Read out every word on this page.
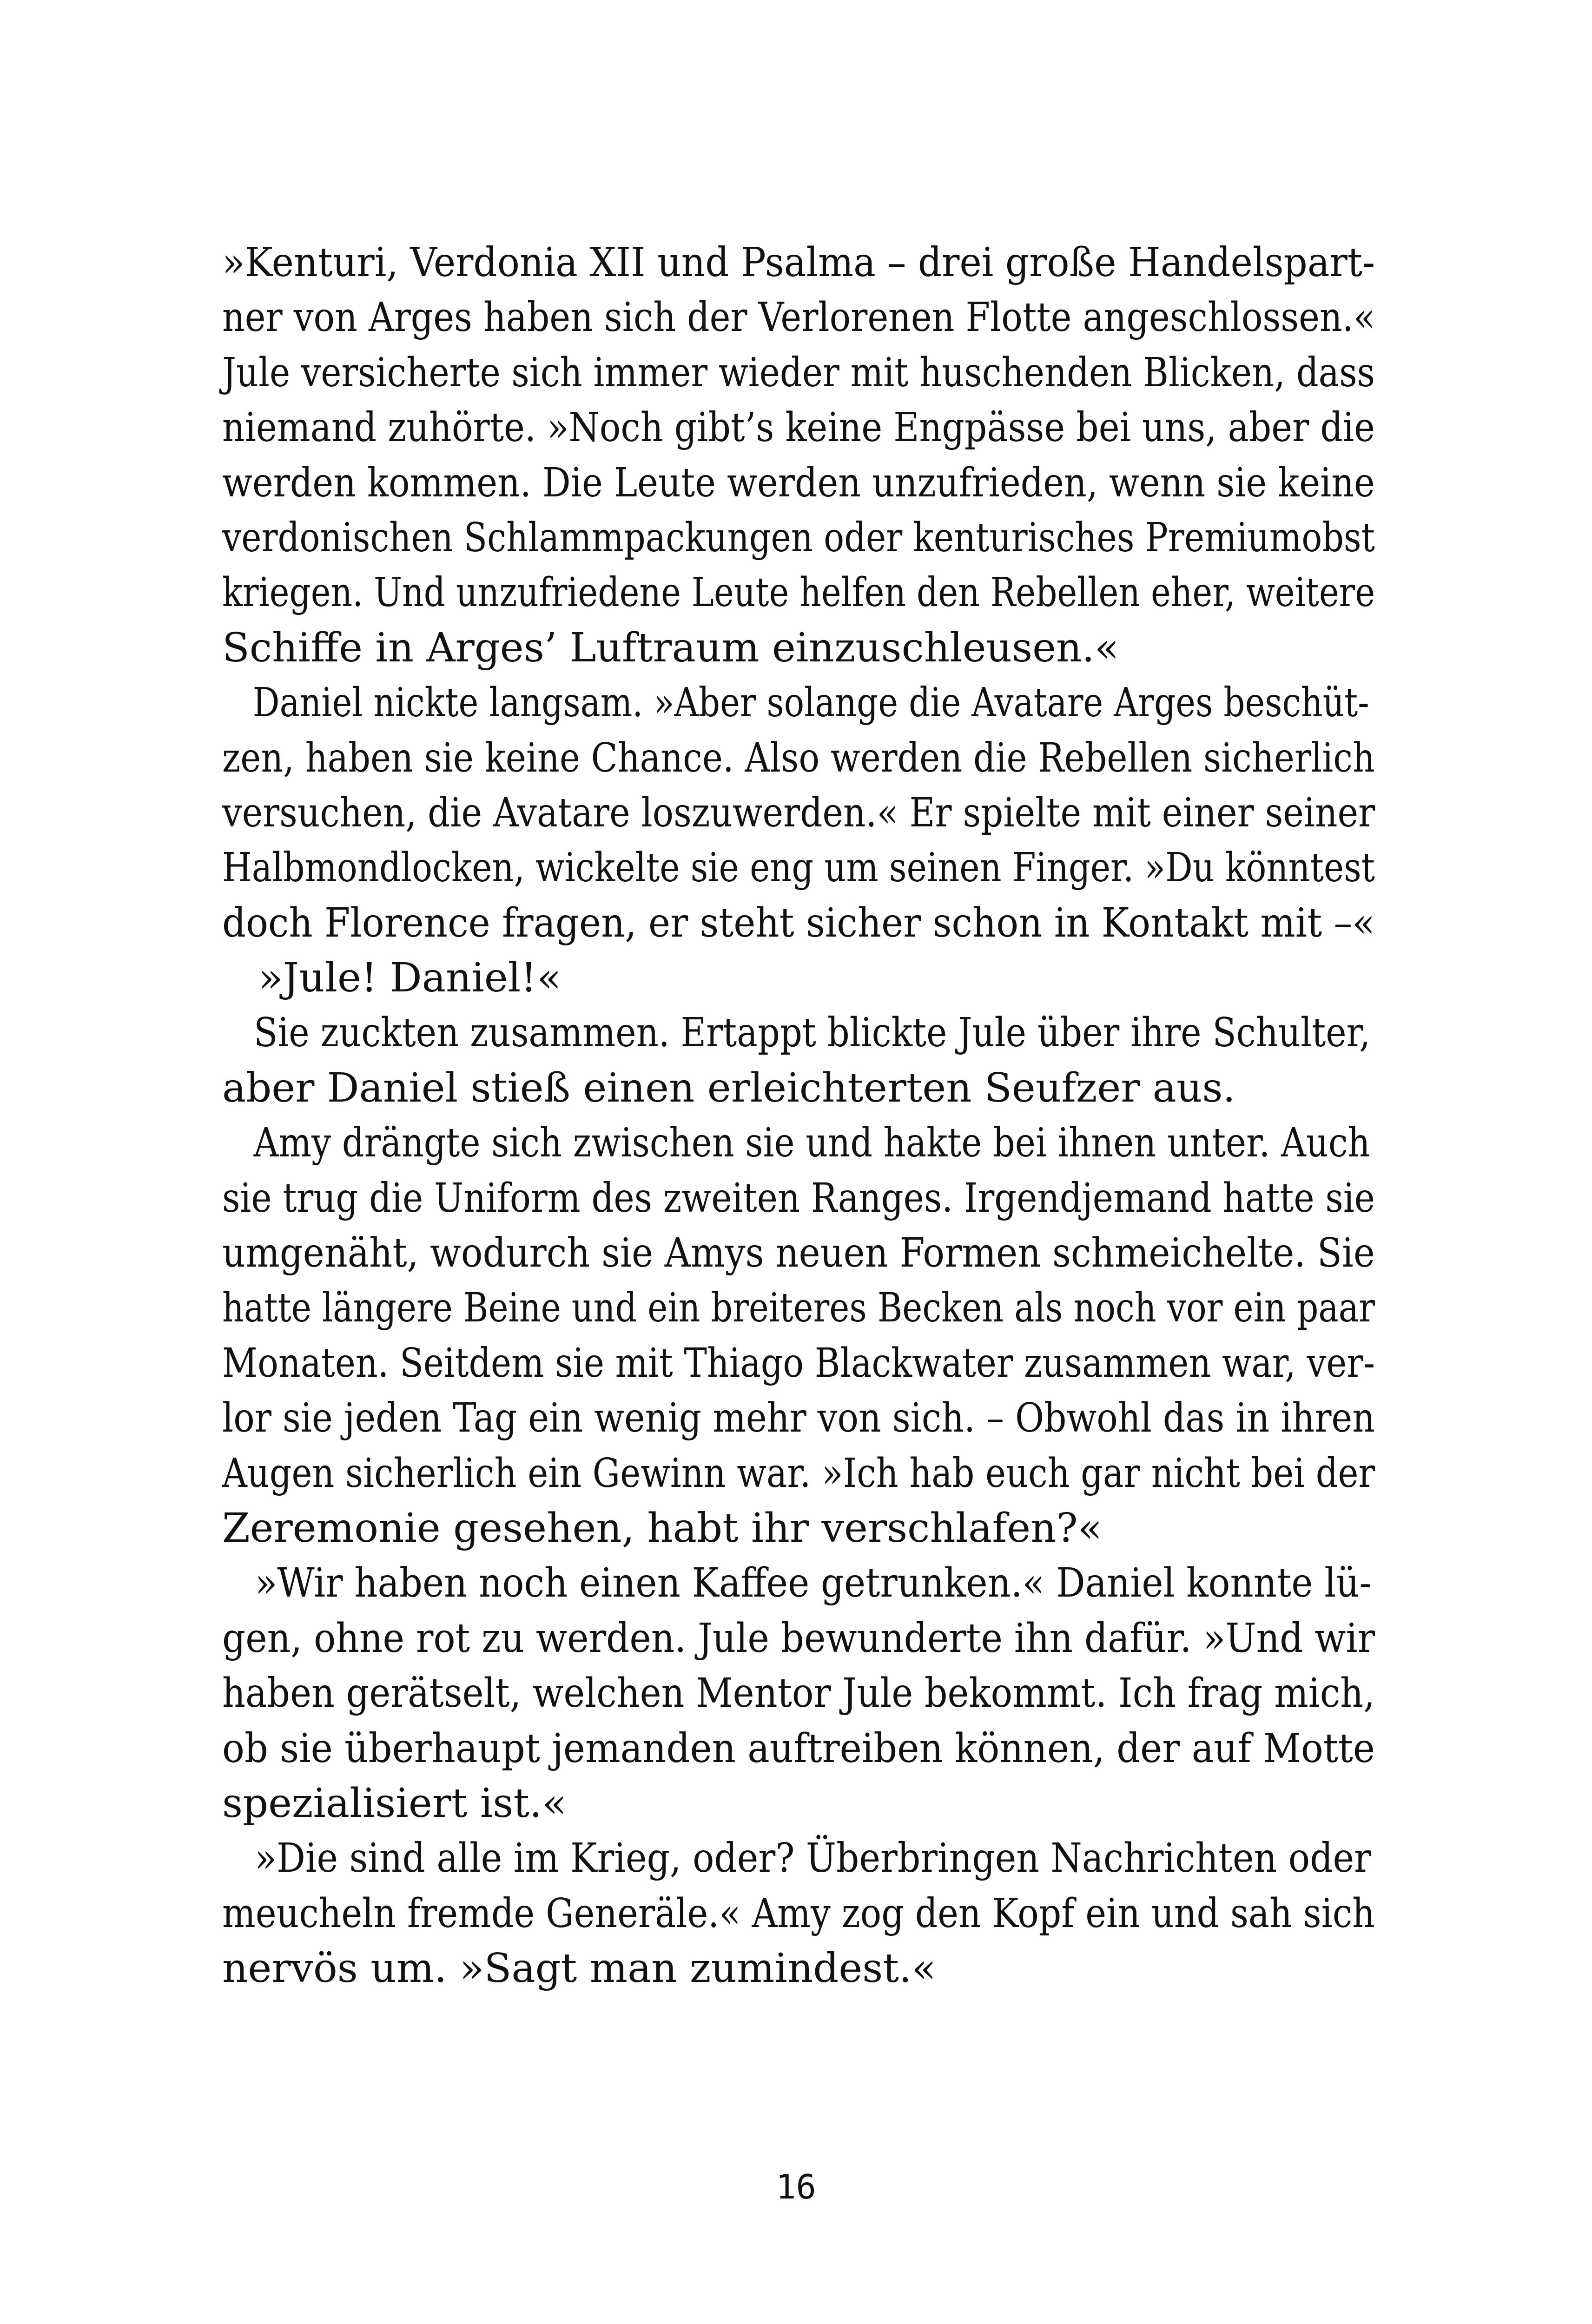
»Kenturi, Verdonia XII und Psalma – drei große Handelspart-
ner von Arges haben sich der Verlorenen Flotte angeschlossen.«
Jule versicherte sich immer wieder mit huschenden Blicken, dass
niemand zuhörte. »Noch gibt’s keine Engpässe bei uns, aber die
werden kommen. Die Leute werden unzufrieden, wenn sie keine
verdonischen Schlammpackungen oder kenturisches Premiumobst
kriegen. Und unzufriedene Leute helfen den Rebellen eher, weitere
Schiffe in Arges’ Luftraum einzuschleusen.«
Daniel nickte langsam. »Aber solange die Avatare Arges beschüt-
zen, haben sie keine Chance. Also werden die Rebellen sicherlich
versuchen, die Avatare loszuwerden.« Er spielte mit einer seiner
Halbmondlocken, wickelte sie eng um seinen Finger. »Du könntest
doch Florence fragen, er steht sicher schon in Kontakt mit –«
»Jule! Daniel!«
Sie zuckten zusammen. Ertappt blickte Jule über ihre Schulter,
aber Daniel stieß einen erleichterten Seufzer aus.
Amy drängte sich zwischen sie und hakte bei ihnen unter. Auch
sie trug die Uniform des zweiten Ranges. Irgendjemand hatte sie
umgenäht, wodurch sie Amys neuen Formen schmeichelte. Sie
hatte längere Beine und ein breiteres Becken als noch vor ein paar
Monaten. Seitdem sie mit Thiago Blackwater zusammen war, ver-
lor sie jeden Tag ein wenig mehr von sich. – Obwohl das in ihren
Augen sicherlich ein Gewinn war. »Ich hab euch gar nicht bei der
Zeremonie gesehen, habt ihr verschlafen?«
»Wir haben noch einen Kaffee getrunken.« Daniel konnte lü-
gen, ohne rot zu werden. Jule bewunderte ihn dafür. »Und wir
haben gerätselt, welchen Mentor Jule bekommt. Ich frag mich,
ob sie überhaupt jemanden auftreiben können, der auf Motte
spezialisiert ist.«
»Die sind alle im Krieg, oder? Überbringen Nachrichten oder
meucheln fremde Generäle.« Amy zog den Kopf ein und sah sich
nervös um. »Sagt man zumindest.«
16
